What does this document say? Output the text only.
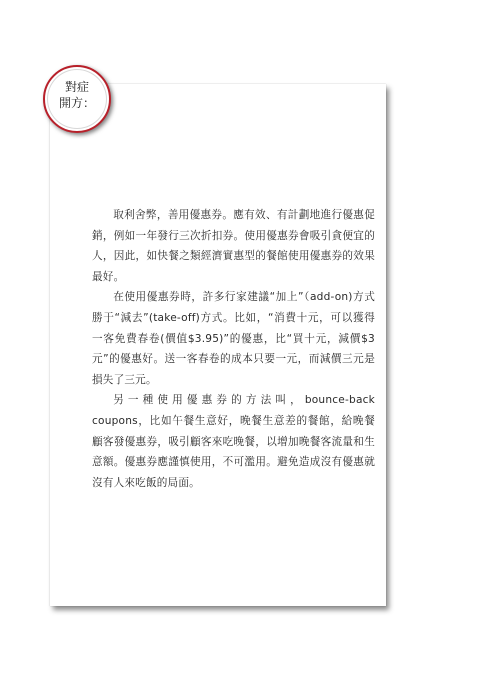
對症
開方：

取利舍弊，善用優惠券。應有效、有計劃地進行優惠促銷，例如一年發行三次折扣券。使用優惠券會吸引貪便宜的人，因此，如快餐之類經濟實惠型的餐館使用優惠券的效果最好。

在使用優惠券時，許多行家建議“加上”（add-on)方式勝于“減去”(take-off)方式。比如，“消費十元，可以獲得一客免費春卷(價值$3.95)”的優惠，比“買十元，減價$3元”的優惠好。送一客春卷的成本只要一元，而減價三元是損失了三元。

另一種使用優惠券的方法叫，bounce-back coupons，比如午餐生意好，晚餐生意差的餐館，給晚餐顧客發優惠券，吸引顧客來吃晚餐，以增加晚餐客流量和生意額。優惠券應謹慎使用，不可濫用。避免造成沒有優惠就沒有人來吃飯的局面。
